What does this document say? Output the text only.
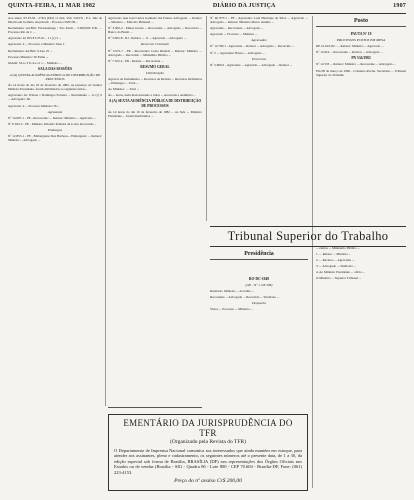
QUINTA-FEIRA, 11 MAR 1982	DIÁRIO DA JUSTIÇA	1907

Aos autos: 63 PJ-M - 276/4 (DO) 11 mai. Vab. 5201/8 - F.J., Juiz de Direito em Goiânia. Arquivado - Processo 50/0130...

Reclamante: Ad-Brit: Pirassununga / São Paulo - 5.000,000 Trib. ... Processo Rio de J. ...

Agravado: 42 053 8 I/25 01 .. 11 (c) 5 ...

Agravado: 4 ... Processo e Ministro Vazo J.

Reclamante: Ad-Brit: 0 Ano 25 ...

Processo Ministro: 56 Esthe ...

Ordem: 52-G 3 E-4 a-11 1 ... Ministro ...

SALA DAS SESSÕES
A (A) QUINTA AUDIÊNCIA PÚBLICA DE DISTRIBUIÇÃO DE PROCESSOS

Às 14 horas do dia 18 de fevereiro de 1982, na presença do Senhor Ministro Presidente, foram distribuídos os seguintes feitos...

Agravante: Av. Wilson 1 Domingos Ferreira ... Reclamante ... 11 (c) S ... Advogado: Dr.

Agravado: 4 ... Processo Ministro 56 ...

Agravante

Nº 14.697-1 - PE - Recorrente: ... Relator: Ministro ... Agravado ...

Nº 6 943-3 - PE - Ministro Orlando Teixeira da Costa, Recorrido...

Embargos

Nº 12.853-1 - PE - Embargante: Rui Barbosa... Embargado: ... Relator: Ministro ... Advogado ...

Agravado: Ana José Carlos Ganhado das Pontes. Advogado: ... Relator ... Ministro ... Marcelo Pimentel ...

Nº 3.500-2 - Minas Gerais ... Recorrente ... Advogado ... Recorrido ... Banco do Brasil ...

Nº 3.002-8 - RJ - Relator ... 11 ... Agravado ... Advogado ...

Recursos Criminais

Nº 5.672-7 - PR - Recorrente: Celso Rinaldi ... Relator: Ministro ... Advogado ... Recorrido ... Ministério Público ...

Nº 7.102-2 - PR - Relator ... Recorrente ...

RESUMO GERAL
Distribuição

Agravos de Instrumento ... Recursos de Revista ... Recursos Ordinários ... Embargos ... Total ...

Ao Ministro: ... Total ...

Às ... horas, nada mais havendo a tratar ... encerrada a audiência ...

A (A) SEXTA AUDIÊNCIA PÚBLICA DE DISTRIBUIÇÃO DE PROCESSOS

Às 14 horas do dia 19 de fevereiro de 1982 ... na Sala ... Ministro Presidente ... foram distribuídos ...

Nº 46 875/1 - PE - Agravante: Luiz Henrique da Silva ... Agravado ... Advogado ... Relator: Ministro Marco Aurélio ...

Agravante ... Recorrente ... Advogado ...

Agravado ... Processo ... Ministro ...

Agravados

Nº 12.700/1 - Agravante ... Relator ... Advogado ... Recorrido ...

Nº 2 ... Agravante: Banco ... Advogado ...

Processos

Nº 2.600/2 - Agravante ... Agravado ... Advogado ... Relator ...

Posto
PAUTA Nº 19
PROCESSOS POSTOS EM MESA

RE 21.616-82 - ... Relator: Ministro ... Agravado ...

Nº 12.616 ... Recorrente ... Relator ... Advogado ...

PN 534/1982

Nº 12.533 ... Relator: Ministro ... Recorrente ... Advogado ...

Em 08 de março de 1982 - Cristiano Rocha, Secretário ... Tribunal Superior do Trabalho

Tribunal Superior do Trabalho
Presidência
RO-DC-1049
(AE - Nº 1 2/8-TM)

Relatório: Ministro ... Acórdão ...

Recorrente ... Advogado ... Recorrido ... Sindicato ...

Despacho

Vistos ... Processo ... Ministro ...

... eleitos ... Ministério Público ...

1. ... Relator ... Ministro ...

2. ... Recurso ... Agravante ...

3. ... Advogado ... Sindicato ...

4. Ao Ministro Presidente ... ofício ...

O Ministro ... Superior Tribunal ...

EMENTÁRIO DA JURISPRUDÊNCIA DO TFR
(Organizado pela Revista do TFR)

O Departamento de Imprensa Nacional comunica aos interessados que ainda mantém em estoque, para atender aos assinantes, pleno e cadastramento, os seguintes números até o presente data, de 1 a 30, da edição especial sob forma de Brasília, BRASÍLIA (DF) nos representações dos Órgãos Oficiais nos Estados ou de vendas (Brasília - SIG - Quadra 06 - Lote 800 - CEP 70.604 - Brasília-DF, Fone: (061) 223-4153.

Preço do nº avulso Cr$ 200,00
